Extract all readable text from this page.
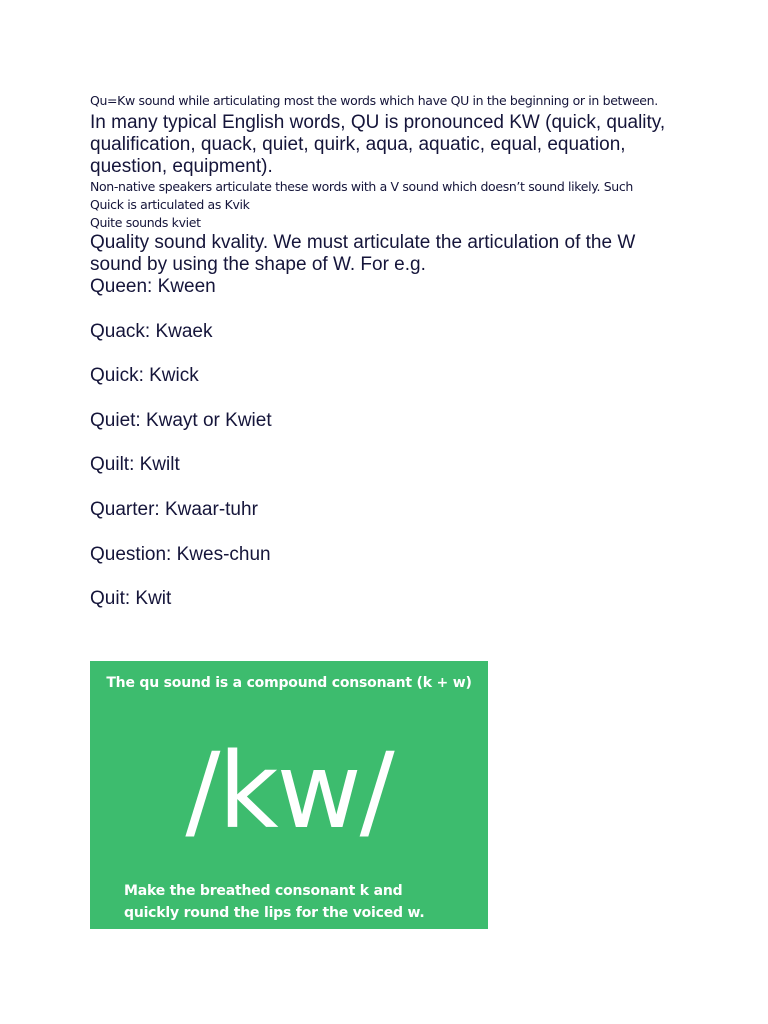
Qu=Kw sound while articulating most the words which have QU in the beginning or in between.

In many typical English words, QU is pronounced KW (quick, quality, qualification, quack, quiet, quirk, aqua, aquatic, equal, equation, question, equipment).

Non-native speakers articulate these words with a V sound which doesn’t sound likely. Such

Quick is articulated as Kvik

Quite sounds kviet

Quality sound kvality. We must articulate the articulation of the W sound by using the shape of W. For e.g.

Queen: Kween
Quack: Kwaek
Quick: Kwick
Quiet: Kwayt or Kwiet
Quilt: Kwilt
Quarter: Kwaar-tuhr
Question: Kwes-chun
Quit: Kwit
The qu sound is a compound consonant (k + w)
/kw/
Make the breathed consonant k and quickly round the lips for the voiced w.
